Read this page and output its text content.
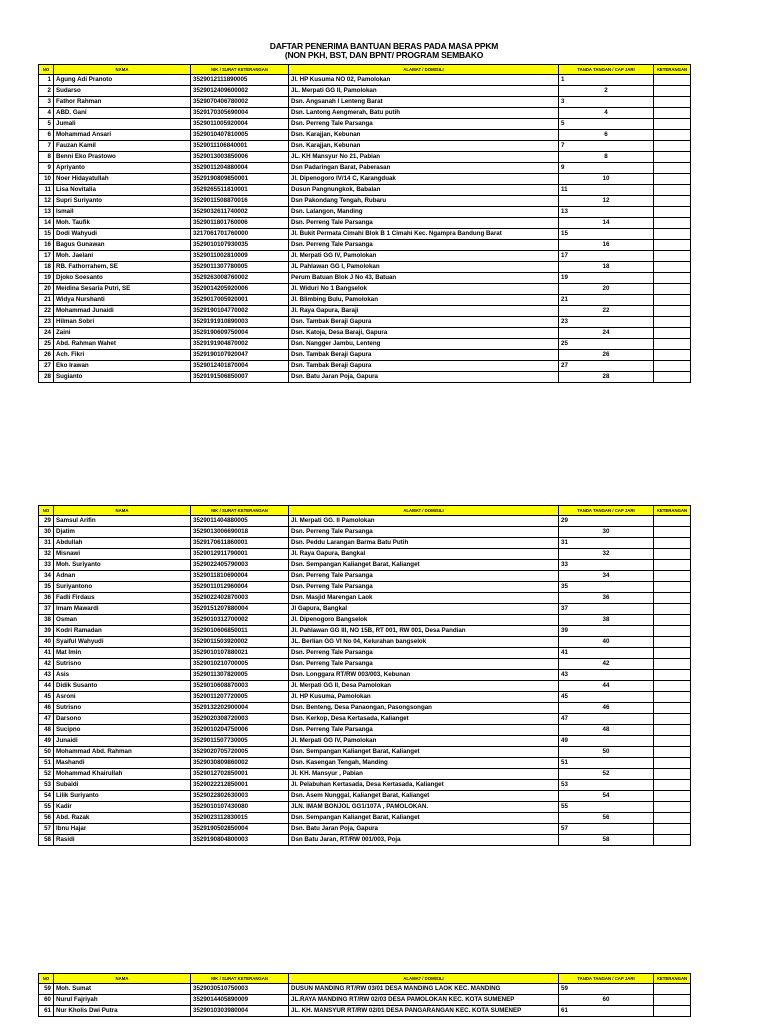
DAFTAR PENERIMA BANTUAN BERAS PADA MASA PPKM
(NON PKH, BST, DAN BPNT/ PROGRAM SEMBAKO
NO	NAMA	NIK / SURAT KETERANGAN	ALAMAT / DOMISILI	TANDA TANGAN / CAP JARI	KETERANGAN
1	Agung Adi Pranoto	3529012111890005	Jl. HP Kusuma NO 02, Pamolokan	1	
2	Sudarso	3529012409600002	JL. Merpati GG II, Pamolokan	2	
3	Fathor Rahman	3529070406780002	Dsn. Angsanah I Lenteng Barat	3	
4	ABD. Gani	3529170305690004	Dsn. Lantong Aengmerah, Batu putih	4	
5	Jumali	3529011005920004	Dsn. Perreng Tale Parsanga	5	
6	Mohammad Ansari	3529010407810005	Dsn. Karajjan, Kebunan	6	
7	Fauzan Kamil	3529011106840001	Dsn. Karajjan, Kebunan	7	
8	Benni Eko Prastowo	3529013003850006	JL. KH Mansyur No 21, Pabian	8	
9	Apriyanto	3529011204880004	Dsn Padaringan Barat, Paberasan	9	
10	Noer Hidayatullah	3529190809850001	Jl. Dipenogoro IV/14 C, Karangduak	10	
11	Lisa Novitalia	3529265511810001	Dusun Pangnungkok, Babalan	11	
12	Supri Suriyanto	3529011508870016	Dsn Pakondang Tengah, Rubaru	12	
13	Ismail	3529032611740002	Dsn. Lalangon, Manding	13	
14	Moh. Taufik	3529011801760006	Dsn. Perreng Tale Parsanga	14	
15	Dodi Wahyudi	3217061701760000	Jl. Bukit Permata Cimahi Blok B 1 Cimahi Kec. Ngampra Bandung Barat	15	
16	Bagus Gunawan	3529010107930035	Dsn. Perreng Tale Parsanga	16	
17	Moh. Jaelani	3529011002810009	Jl. Merpati GG IV, Pamolokan	17	
18	RB. Fathorrahem, SE	3529011307780005	JL Pahlawan GG I, Pamolokan	18	
19	Djoko Soesanto	3529263008760002	Perum Batuan Blok J No 43, Batuan	19	
20	Meidina Sesaria Putri, SE	3529014205920006	Jl. Widuri No 1 Bangselok	20	
21	Widya Nurshanti	3529017005920001	Jl. Blimbing Bulu, Pamolokan	21	
22	Mohammad Junaidi	3529190104770002	Jl. Raya Gapura, Baraji	22	
23	Hilman Sobri	3529191910890003	Dsn. Tambak Beraji Gapura	23	
24	Zaini	3529190609750004	Dsn. Katoja, Desa Baraji, Gapura	24	
25	Abd. Rahman Wahet	3529191904870002	Dsn. Nangger Jambu, Lenteng	25	
26	Ach. Fikri	3529190107920047	Dsn. Tambak Beraji Gapura	26	
27	Eko Irawan	3529012401870004	Dsn. Tambak Beraji Gapura	27	
28	Sugianto	3529191506850007	Dsn. Batu Jaran Poja, Gapura	28	
NO	NAMA	NIK / SURAT KETERANGAN	ALAMAT / DOMISILI	TANDA TANGAN / CAP JARI	KETERANGAN
29	Samsul Arifin	3529011404880005	Jl. Merpati GG. II Pamolokan	29	
30	Djatim	3529013006690018	Dsn. Perreng Tale Parsanga	30	
31	Abdullah	3529170611860001	Dsn. Peddu Larangan Barma Batu Putih	31	
32	Misnawi	3529012911790001	Jl. Raya Gapura, Bangkal	32	
33	Moh. Suriyanto	3529022405790003	Dsn. Sempangan Kalianget Barat, Kalianget	33	
34	Adnan	3529011810690004	Dsn. Perreng Tale Parsanga	34	
35	Suriyantono	3529011012960004	Dsn. Perreng Tale Parsanga	35	
36	Fadli Firdaus	3529022402870003	Dsn. Masjid Marengan Laok	36	
37	Imam Mawardi	3529151207880004	Jl Gapura, Bangkal	37	
38	Osman	3529010312700002	Jl. Dipenogoro Bangselok	38	
39	Kodri Ramadan	3529010606850011	Jl. Pahlawan GG III, NO 15B, RT 001, RW 001, Desa Pandian	39	
40	Syaiful Wahyudi	3529011503920002	JL. Berlian GG VI No 04, Kelurahan bangselok	40	
41	Mat Imin	3529010107880021	Dsn. Perreng Tale Parsanga	41	
42	Sutrisno	3529010210700005	Dsn. Perreng Tale Parsanga	42	
43	Asis	3529011307820005	Dsn. Longgara RT/RW 003/003, Kebunan	43	
44	Didik Susanto	3529010608870003	Jl. Merpati GG II, Desa Pamolokan	44	
45	Asroni	3529011207720005	Jl. HP Kusuma, Pamolokan	45	
46	Sutrisno	3529132202900004	Dsn. Benteng, Desa Panaongan, Pasongsongan	46	
47	Darsono	3529020308720003	Dsn. Kerkop, Desa Kertasada, Kalianget	47	
48	Sucipno	3529010204750006	Dsn. Perreng Tale Parsanga	48	
49	Junaidi	3529011507730005	Jl. Merpati GG IV, Pamolokan	49	
50	Mohammad Abd. Rahman	3529020705720005	Dsn. Sempangan Kalianget Barat, Kalianget	50	
51	Mashandi	3529030809860002	Dsn. Kasengan Tengah, Manding	51	
52	Mohammad Khairullah	3529012702850001	Jl. KH. Mansyur , Pabian	52	
53	Subaidi	3529022212850001	Jl. Pelabuhan Kertasada, Desa Kertasada, Kalianget	53	
54	Lilik Suriyanto	3529022802630003	Dsn. Asem Nunggal, Kalianget Barat, Kalianget	54	
55	Kadir	3529010107430080	JLN. IMAM BONJOL GG1/107A , PAMOLOKAN.	55	
56	Abd. Razak	3529023112830015	Dsn. Sempangan Kalianget Barat, Kalianget	56	
57	Ibnu Hajar	3529190502850004	Dsn. Batu Jaran Poja, Gapura	57	
58	Rasidi	3529190804800003	Dsn Batu Jaran, RT/RW 001/003, Poja	58	
NO	NAMA	NIK / SURAT KETERANGAN	ALAMAT / DOMISILI	TANDA TANGAN / CAP JARI	KETERANGAN
59	Moh. Sumat	3529030510750003	DUSUN MANDING RT/RW 03/01 DESA MANDING LAOK KEC. MANDING	59	
60	Nurul Fajriyah	3529014405890009	JL.RAYA MANDING RT/RW 02/03 DESA PAMOLOKAN KEC. KOTA SUMENEP	60	
61	Nur Kholis Dwi Putra	3529010303980004	JL. KH. MANSYUR RT/RW 02/01 DESA PANGARANGAN KEC. KOTA SUMENEP	61	
